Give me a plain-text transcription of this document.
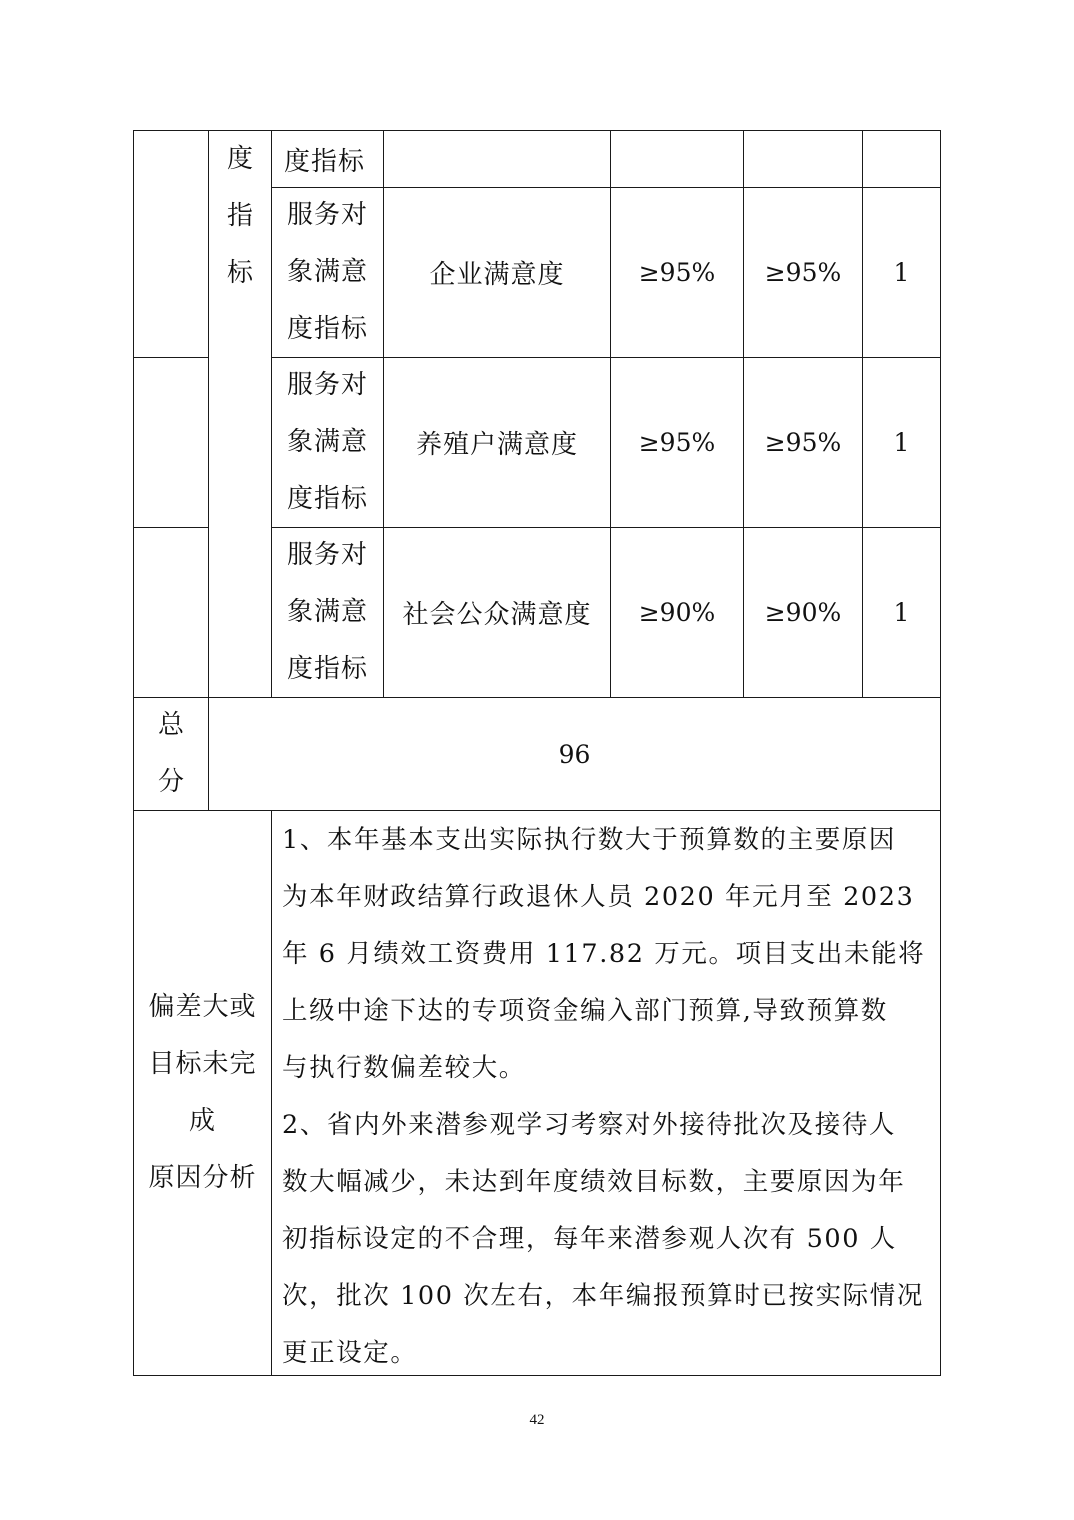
度
指
标
度指标
服务对
象满意
度指标
企业满意度	≥95% ≥95% 1
服务对
象满意
度指标
养殖户满意度 ≥95% ≥95% 1
服务对
象满意
度指标
社会公众满意度 ≥90% ≥90% 1
总
分
96
偏差大或
目标未完
成
原因分析
1、本年基本支出实际执行数大于预算数的主要原因
为本年财政结算行政退休人员 2020 年元月至 2023
年 6 月绩效工资费用 117.82 万元。项目支出未能将
上级中途下达的专项资金编入部门预算,导致预算数
与执行数偏差较大。
2、省内外来潜参观学习考察对外接待批次及接待人
数大幅减少，未达到年度绩效目标数，主要原因为年
初指标设定的不合理，每年来潜参观人次有 500 人
次，批次 100 次左右，本年编报预算时已按实际情况
更正设定。
42
